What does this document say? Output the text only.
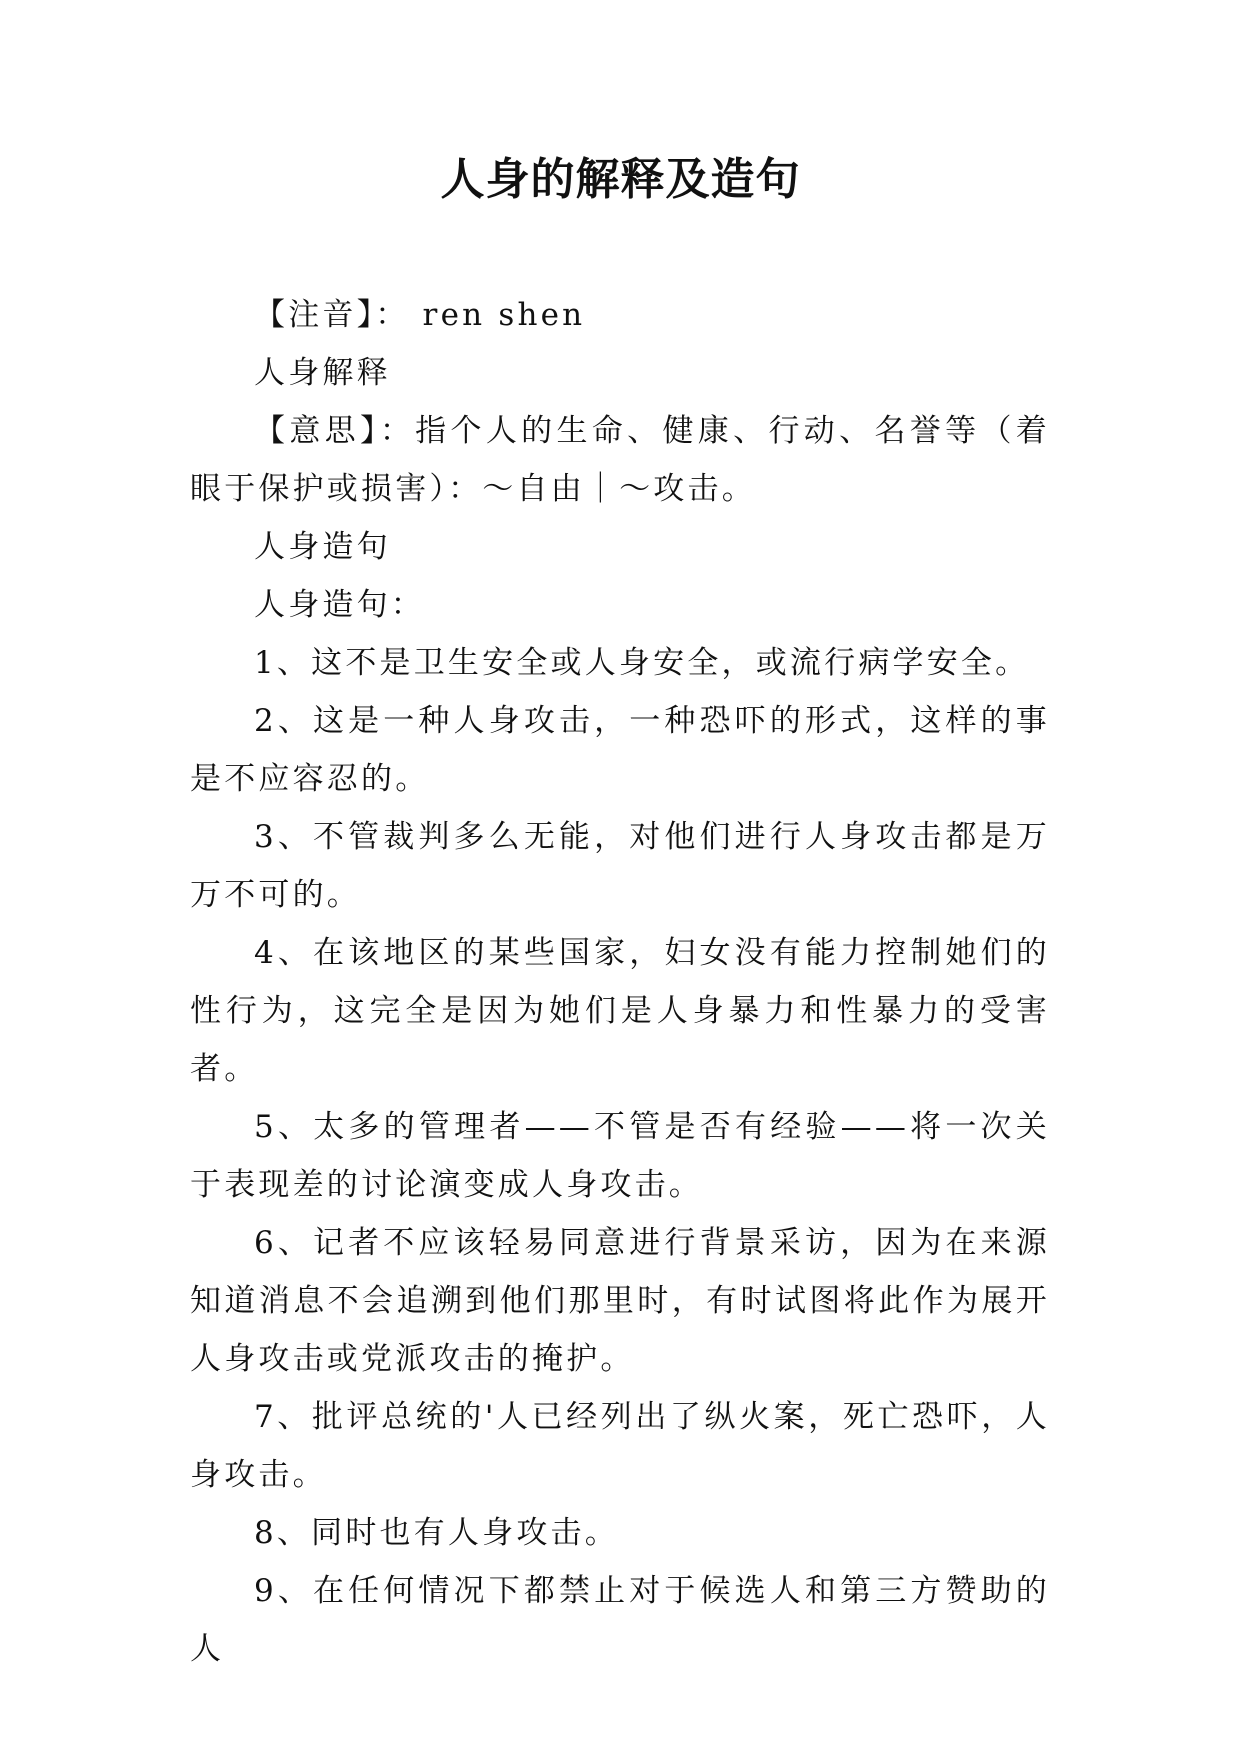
人身的解释及造句

【注音】： ren shen

人身解释

【意思】：指个人的生命、健康、行动、名誉等（着眼于保护或损害）：～自由｜～攻击。

人身造句

人身造句：

1、这不是卫生安全或人身安全，或流行病学安全。

2、这是一种人身攻击，一种恐吓的形式，这样的事是不应容忍的。

3、不管裁判多么无能，对他们进行人身攻击都是万万不可的。

4、在该地区的某些国家，妇女没有能力控制她们的性行为，这完全是因为她们是人身暴力和性暴力的受害者。

5、太多的管理者——不管是否有经验——将一次关于表现差的讨论演变成人身攻击。

6、记者不应该轻易同意进行背景采访，因为在来源知道消息不会追溯到他们那里时，有时试图将此作为展开人身攻击或党派攻击的掩护。

7、批评总统的'人已经列出了纵火案，死亡恐吓，人身攻击。

8、同时也有人身攻击。

9、在任何情况下都禁止对于候选人和第三方赞助的人
